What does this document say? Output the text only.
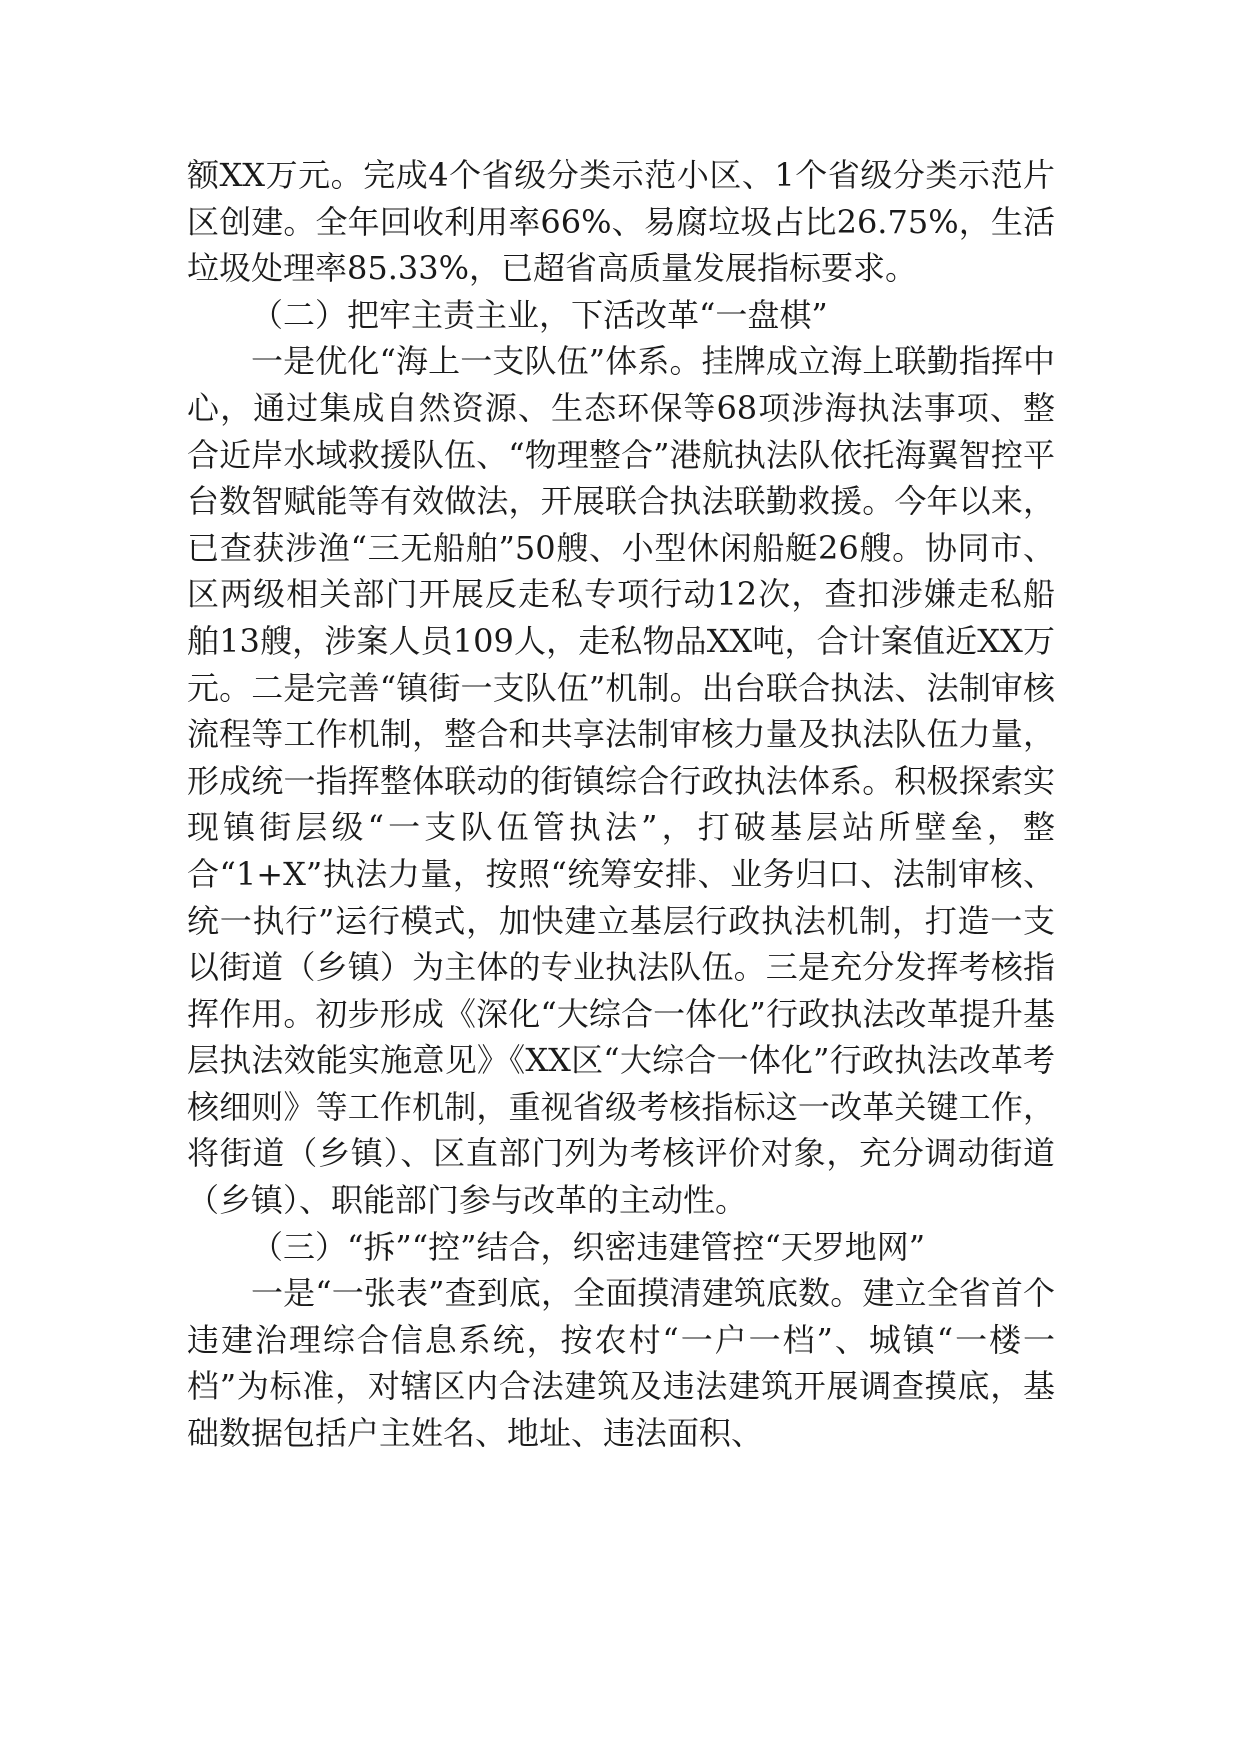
额XX万元。完成4个省级分类示范小区、1个省级分类示范片区创建。全年回收利用率66%、易腐垃圾占比26.75%，生活垃圾处理率85.33%，已超省高质量发展指标要求。

（二）把牢主责主业，下活改革“一盘棋”

一是优化“海上一支队伍”体系。挂牌成立海上联勤指挥中心，通过集成自然资源、生态环保等68项涉海执法事项、整合近岸水域救援队伍、“物理整合”港航执法队依托海翼智控平台数智赋能等有效做法，开展联合执法联勤救援。今年以来，已查获涉渔“三无船舶”50艘、小型休闲船艇26艘。协同市、区两级相关部门开展反走私专项行动12次，查扣涉嫌走私船舶13艘，涉案人员109人，走私物品XX吨，合计案值近XX万元。二是完善“镇街一支队伍”机制。出台联合执法、法制审核流程等工作机制，整合和共享法制审核力量及执法队伍力量，形成统一指挥整体联动的街镇综合行政执法体系。积极探索实现镇街层级“一支队伍管执法”，打破基层站所壁垒，整合“1+X”执法力量，按照“统筹安排、业务归口、法制审核、统一执行”运行模式，加快建立基层行政执法机制，打造一支以街道（乡镇）为主体的专业执法队伍。三是充分发挥考核指挥作用。初步形成《深化“大综合一体化”行政执法改革提升基层执法效能实施意见》《XX区“大综合一体化”行政执法改革考核细则》等工作机制，重视省级考核指标这一改革关键工作，将街道（乡镇）、区直部门列为考核评价对象，充分调动街道（乡镇）、职能部门参与改革的主动性。

（三）“拆”“控”结合，织密违建管控“天罗地网”

一是“一张表”查到底，全面摸清建筑底数。建立全省首个违建治理综合信息系统，按农村“一户一档”、城镇“一楼一档”为标准，对辖区内合法建筑及违法建筑开展调查摸底，基础数据包括户主姓名、地址、违法面积、
